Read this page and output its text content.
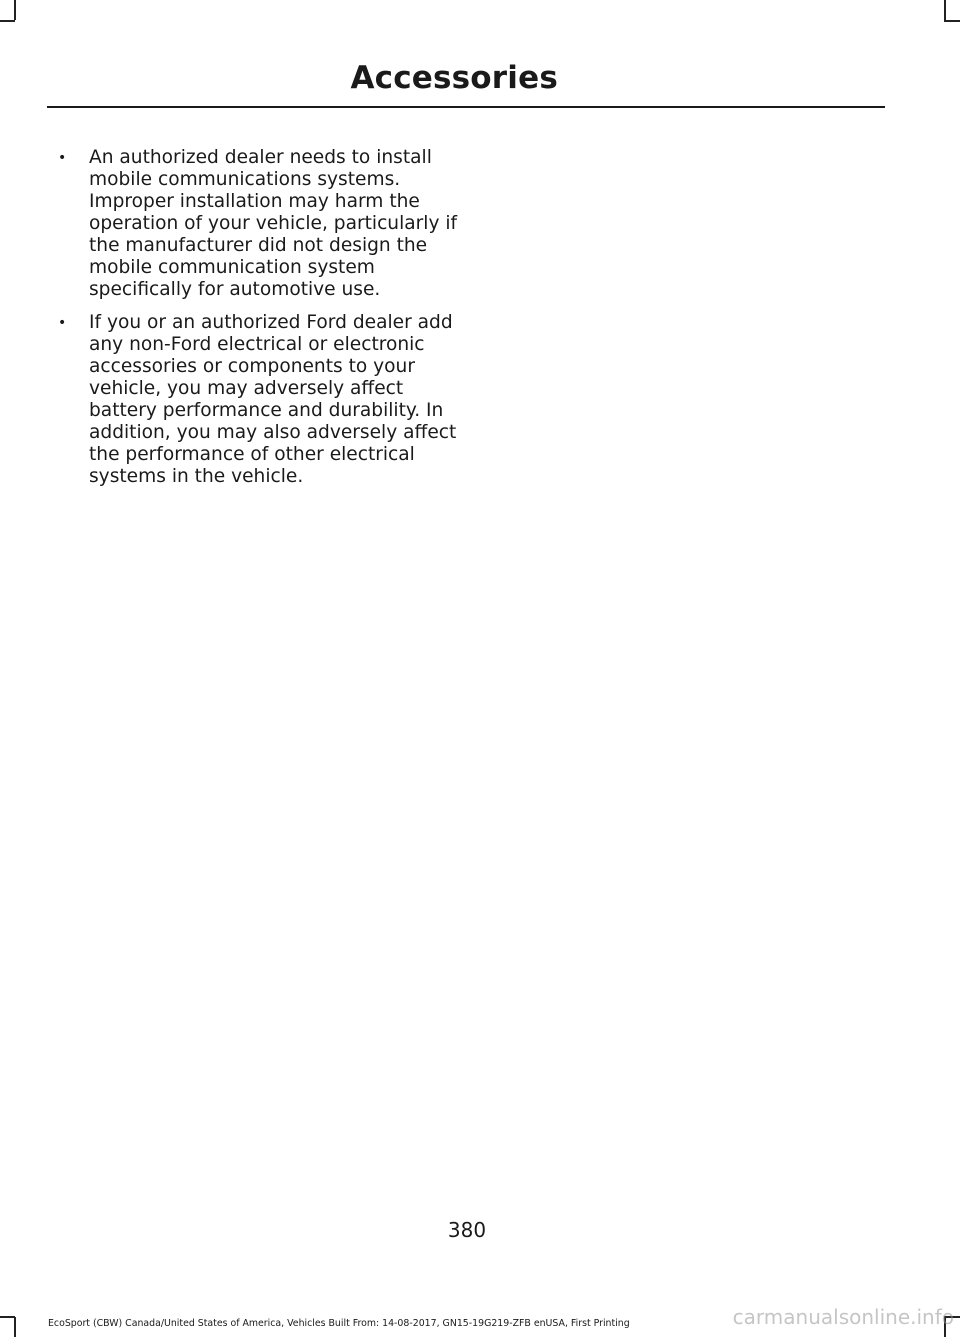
Accessories
• An authorized dealer needs to install mobile communications systems. Improper installation may harm the operation of your vehicle, particularly if the manufacturer did not design the mobile communication system specifically for automotive use.
• If you or an authorized Ford dealer add any non-Ford electrical or electronic accessories or components to your vehicle, you may adversely affect battery performance and durability. In addition, you may also adversely affect the performance of other electrical systems in the vehicle.
380
EcoSport (CBW) Canada/United States of America, Vehicles Built From: 14-08-2017, GN15-19G219-ZFB enUSA, First Printing	carmanualsonline.info
